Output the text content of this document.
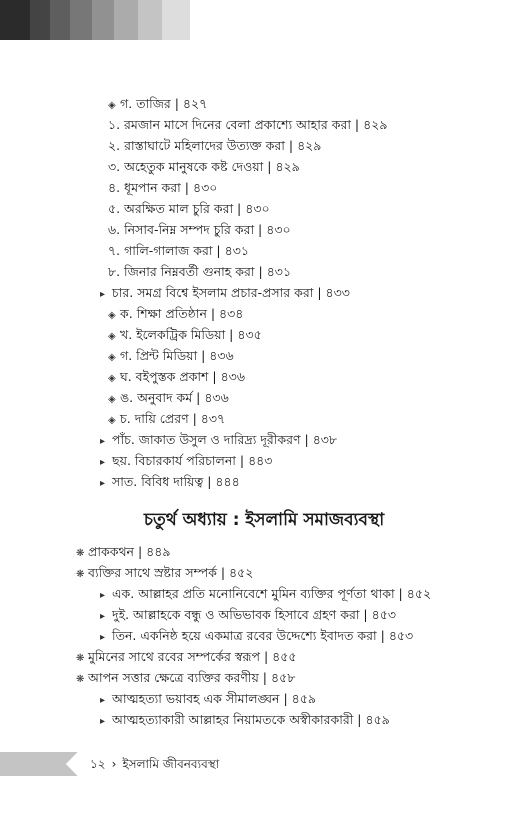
◈ গ. তাজির | ৪২৭
১. রমজান মাসে দিনের বেলা প্রকাশ্যে আহার করা | ৪২৯
২. রাস্তাঘাটে মহিলাদের উত্যক্ত করা | ৪২৯
৩. অহেতুক মানুষকে কষ্ট দেওয়া | ৪২৯
৪. ধূমপান করা | ৪৩০
৫. অরক্ষিত মাল চুরি করা | ৪৩০
৬. নিসাব-নিম্ন সম্পদ চুরি করা | ৪৩০
৭. গালি-গালাজ করা | ৪৩১
৮. জিনার নিম্নবর্তী গুনাহ করা | ৪৩১
▸ চার. সমগ্র বিশ্বে ইসলাম প্রচার-প্রসার করা | ৪৩৩
◈ ক. শিক্ষা প্রতিষ্ঠান | ৪৩৪
◈ খ. ইলেকট্রিক মিডিয়া | ৪৩৫
◈ গ. প্রিন্ট মিডিয়া | ৪৩৬
◈ ঘ. বইপুস্তক প্রকাশ | ৪৩৬
◈ ঙ. অনুবাদ কর্ম | ৪৩৬
◈ চ. দায়ি প্রেরণ | ৪৩৭
▸ পাঁচ. জাকাত উসুল ও দারিদ্র্য দূরীকরণ | ৪৩৮
▸ ছয়. বিচারকার্য পরিচালনা | ৪৪৩
▸ সাত. বিবিধ দায়িত্ব | ৪৪৪
চতুর্থ অধ্যায় : ইসলামি সমাজব্যবস্থা
❋ প্রাককথন | ৪৪৯
❋ ব্যক্তির সাথে স্রষ্টার সম্পর্ক | ৪৫২
▸ এক. আল্লাহর প্রতি মনোনিবেশে মুমিন ব্যক্তির পূর্ণতা থাকা | ৪৫২
▸ দুই. আল্লাহকে বন্ধু ও অভিভাবক হিসাবে গ্রহণ করা | ৪৫৩
▸ তিন. একনিষ্ঠ হয়ে একমাত্র রবের উদ্দেশ্যে ইবাদত করা | ৪৫৩
❋ মুমিনের সাথে রবের সম্পর্কের স্বরূপ | ৪৫৫
❋ আপন সত্তার ক্ষেত্রে ব্যক্তির করণীয় | ৪৫৮
▸ আত্মহত্যা ভয়াবহ এক সীমালঙ্ঘন | ৪৫৯
▸ আত্মহত্যাকারী আল্লাহর নিয়ামতকে অস্বীকারকারী | ৪৫৯
১২ › ইসলামি জীবনব্যবস্থা
